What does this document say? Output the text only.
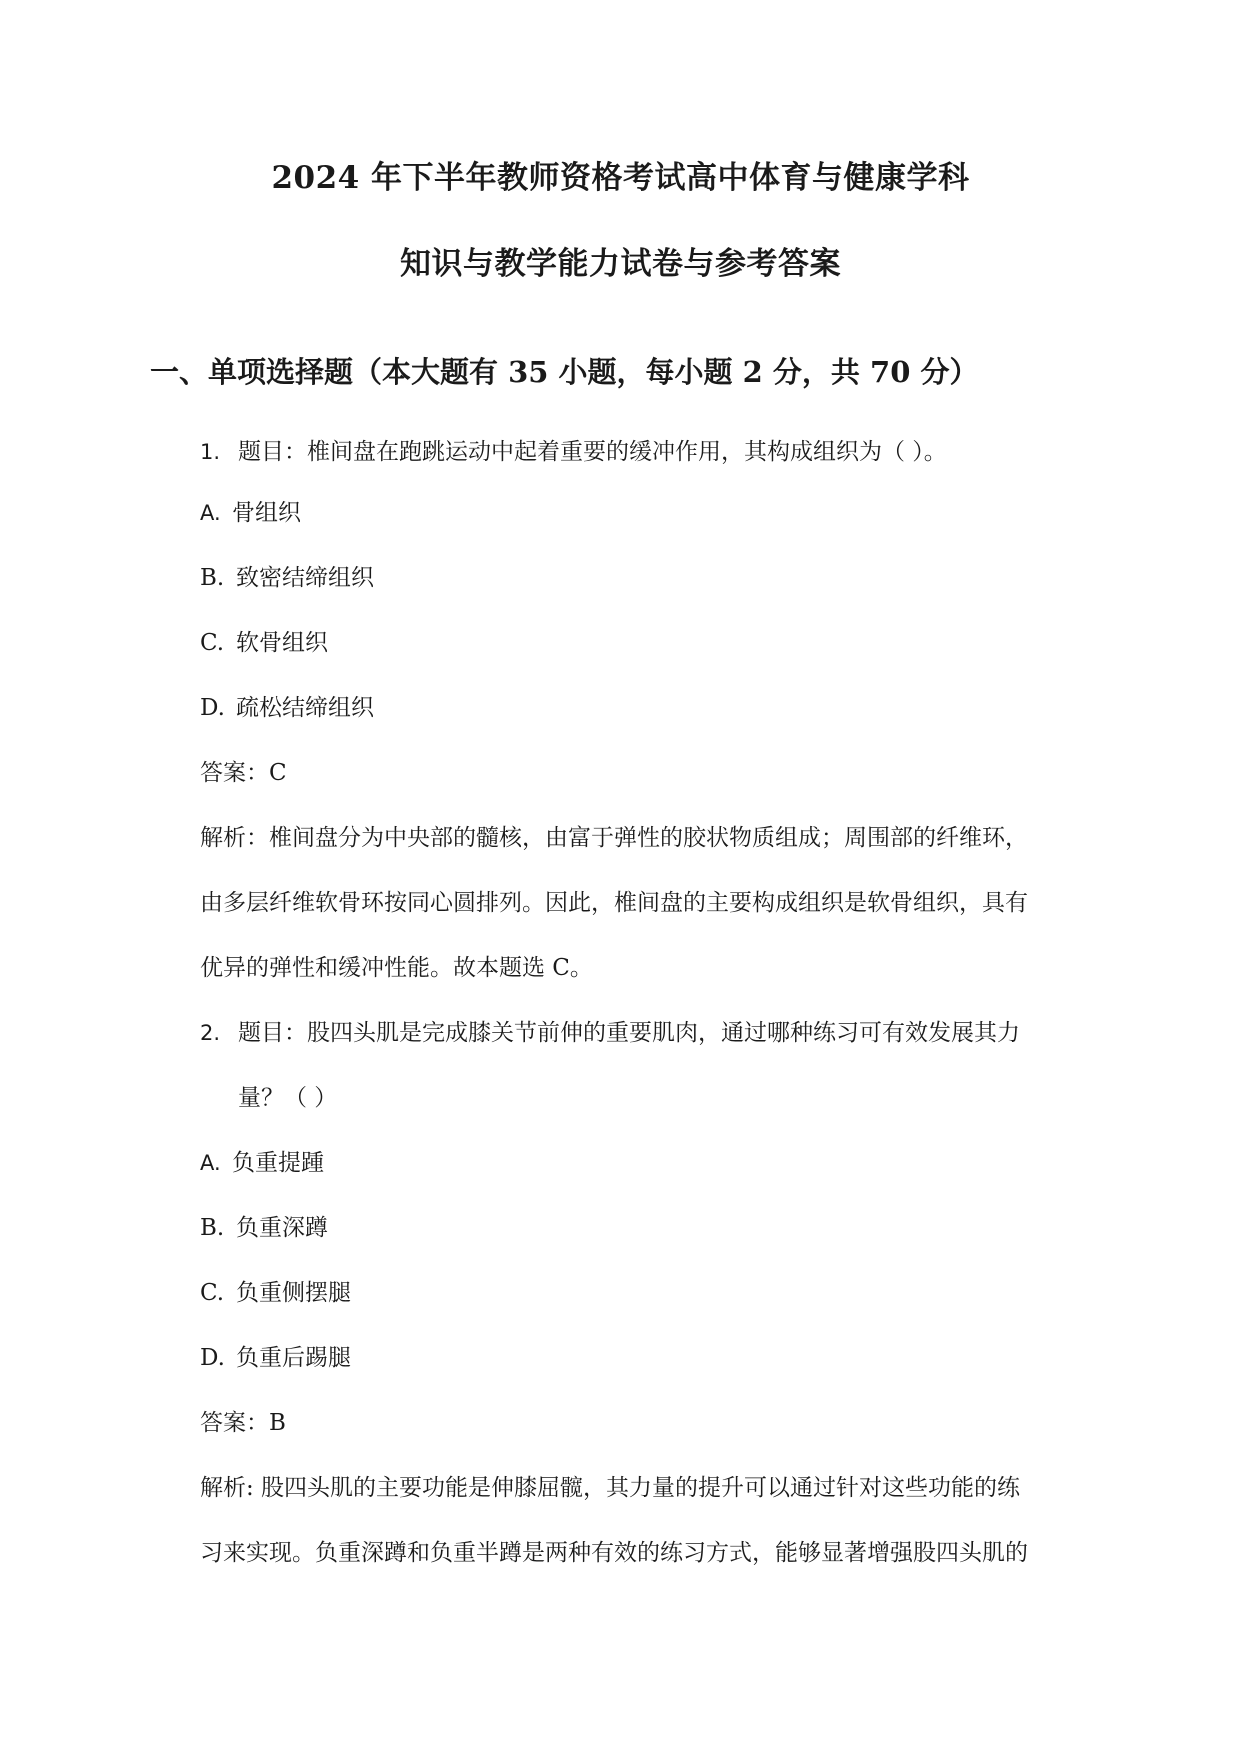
2024 年下半年教师资格考试高中体育与健康学科
知识与教学能力试卷与参考答案
一、单项选择题（本大题有 35 小题，每小题 2 分，共 70 分）
1. 题目：椎间盘在跑跳运动中起着重要的缓冲作用，其构成组织为（ ）。
A. 骨组织
B. 致密结缔组织
C. 软骨组织
D. 疏松结缔组织
答案：C
解析：椎间盘分为中央部的髓核，由富于弹性的胶状物质组成；周围部的纤维环，
由多层纤维软骨环按同心圆排列。因此，椎间盘的主要构成组织是软骨组织，具有
优异的弹性和缓冲性能。故本题选 C。
2. 题目：股四头肌是完成膝关节前伸的重要肌肉，通过哪种练习可有效发展其力
量？（ ）
A. 负重提踵
B. 负重深蹲
C. 负重侧摆腿
D. 负重后踢腿
答案：B
解析: 股四头肌的主要功能是伸膝屈髋，其力量的提升可以通过针对这些功能的练
习来实现。负重深蹲和负重半蹲是两种有效的练习方式，能够显著增强股四头肌的
